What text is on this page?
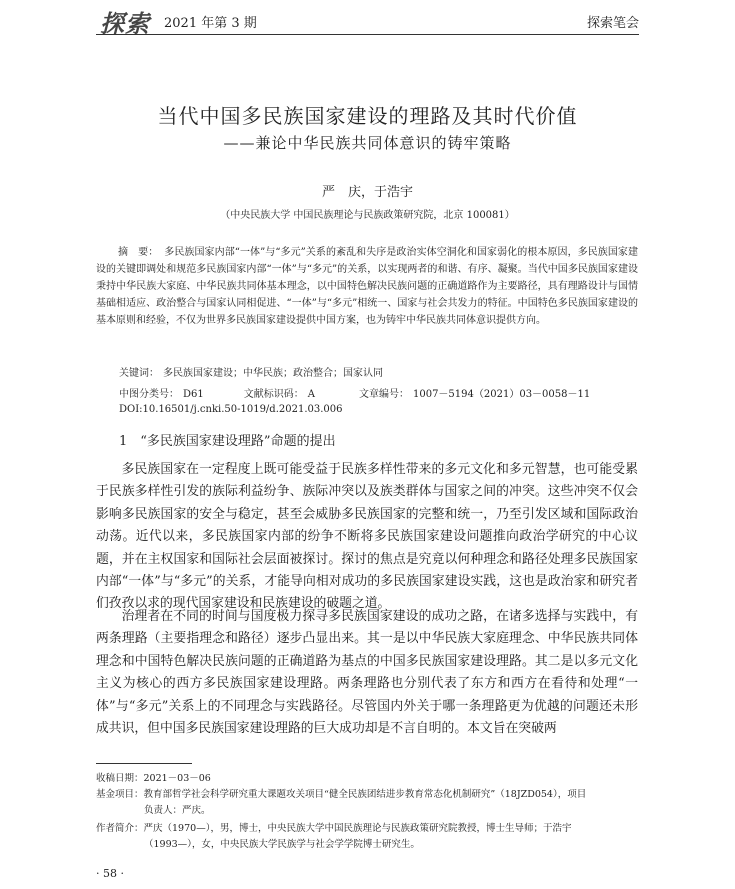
探索 2021 年第 3 期	探索笔会
当代中国多民族国家建设的理路及其时代价值
——兼论中华民族共同体意识的铸牢策略
严　庆，于浩宇
（中央民族大学 中国民族理论与民族政策研究院，北京 100081）
摘　要： 多民族国家内部“一体”与“多元”关系的紊乱和失序是政治实体空洞化和国家弱化的根本原因，多民族国家建设的关键即调处和规范多民族国家内部“一体”与“多元”的关系，以实现两者的和谐、有序、凝聚。当代中国多民族国家建设秉持中华民族大家庭、中华民族共同体基本理念，以中国特色解决民族问题的正确道路作为主要路径，具有理路设计与国情基础相适应、政治整合与国家认同相促进、“一体”与“多元”相统一、国家与社会共发力的特征。中国特色多民族国家建设的基本原则和经验，不仅为世界多民族国家建设提供中国方案，也为铸牢中华民族共同体意识提供方向。
关键词： 多民族国家建设；中华民族；政治整合；国家认同
中图分类号： D61	文献标识码： A	文章编号： 1007－5194（2021）03－0058－11
DOI:10.16501/j.cnki.50-1019/d.2021.03.006
1　“多民族国家建设理路”命题的提出

多民族国家在一定程度上既可能受益于民族多样性带来的多元文化和多元智慧，也可能受累于民族多样性引发的族际利益纷争、族际冲突以及族类群体与国家之间的冲突。这些冲突不仅会影响多民族国家的安全与稳定，甚至会威胁多民族国家的完整和统一，乃至引发区域和国际政治动荡。近代以来，多民族国家内部的纷争不断将多民族国家建设问题推向政治学研究的中心议题，并在主权国家和国际社会层面被探讨。探讨的焦点是究竟以何种理念和路径处理多民族国家内部“一体”与“多元”的关系，才能导向相对成功的多民族国家建设实践，这也是政治家和研究者们孜孜以求的现代国家建设和民族建设的破题之道。

治理者在不同的时间与国度极力探寻多民族国家建设的成功之路，在诸多选择与实践中，有两条理路（主要指理念和路径）逐步凸显出来。其一是以中华民族大家庭理念、中华民族共同体理念和中国特色解决民族问题的正确道路为基点的中国多民族国家建设理路。其二是以多元文化主义为核心的西方多民族国家建设理路。两条理路也分别代表了东方和西方在看待和处理“一体”与“多元”关系上的不同理念与实践路径。尽管国内外关于哪一条理路更为优越的问题还未形成共识，但中国多民族国家建设理路的巨大成功却是不言自明的。本文旨在突破两

收稿日期：2021－03－06
基金项目：教育部哲学社会科学研究重大课题攻关项目“健全民族团结进步教育常态化机制研究”（18JZD054），项目
负责人：严庆。
作者简介：严庆（1970—），男，博士，中央民族大学中国民族理论与民族政策研究院教授，博士生导师；于浩宇
（1993—），女，中央民族大学民族学与社会学学院博士研究生。
· 58 ·
